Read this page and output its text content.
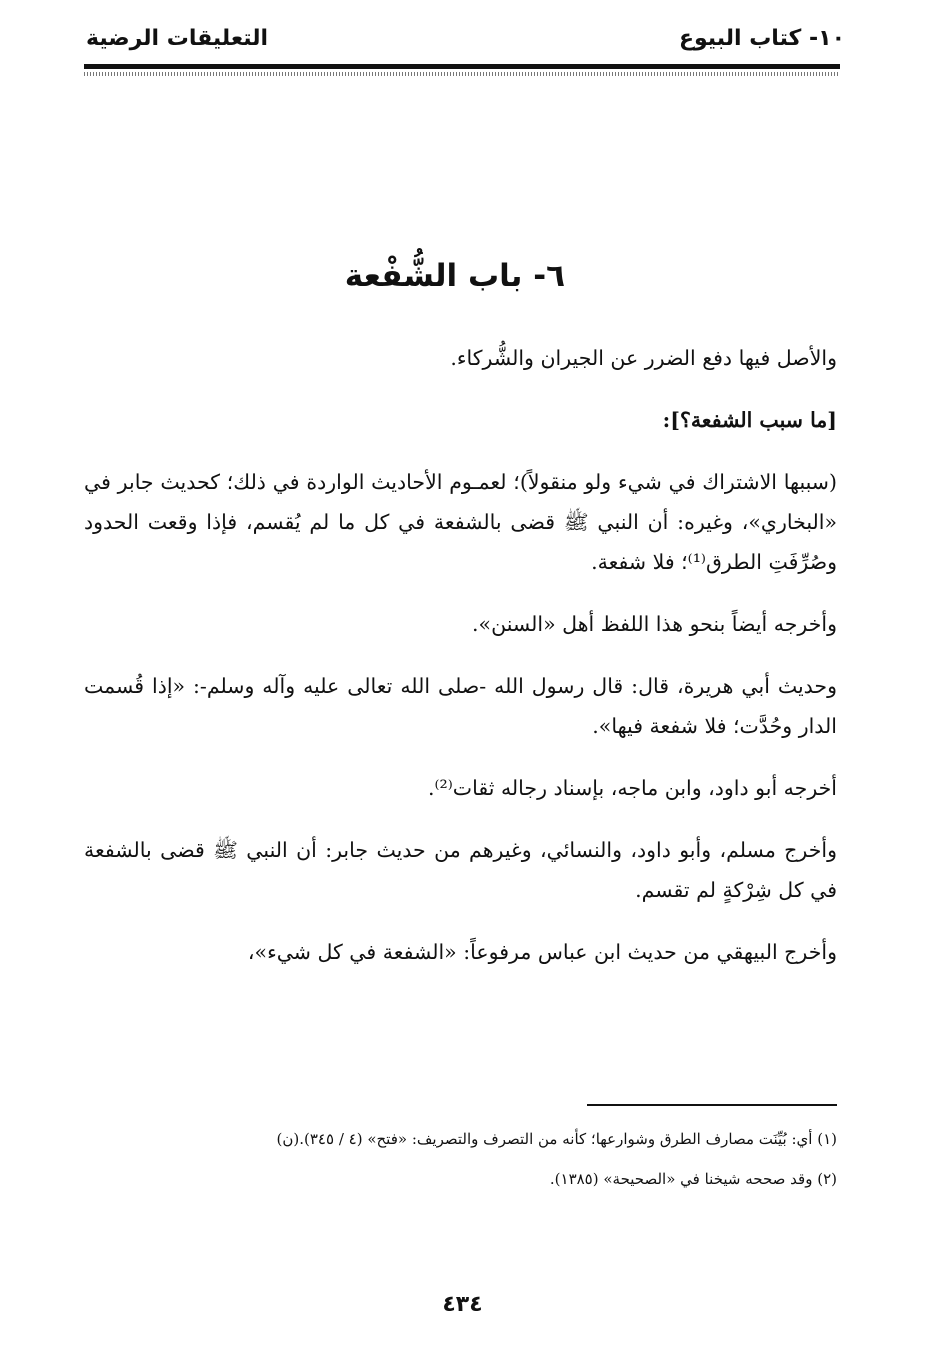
١٠- كتاب البيوع
التعليقات الرضية
٦- باب الشُّفْعة

والأصل فيها دفع الضرر عن الجيران والشُّركاء.

[ما سبب الشفعة؟]:

(سببها الاشتراك في شيء ولو منقولاً)؛ لعمـوم الأحاديث الواردة في ذلك؛ كحديث جابر في «البخاري»، وغيره: أن النبي ﷺ قضى بالشفعة في كل ما لم يُقسم، فإذا وقعت الحدود وصُرِّفَتِ الطرق⁽¹⁾؛ فلا شفعة.

وأخرجه أيضاً بنحو هذا اللفظ أهل «السنن».

وحديث أبي هريرة، قال: قال رسول الله -صلى الله تعالى عليه وآله وسلم-: «إذا قُسمت الدار وحُدَّت؛ فلا شفعة فيها».

أخرجه أبو داود، وابن ماجه، بإسناد رجاله ثقات⁽²⁾.

وأخرج مسلم، وأبو داود، والنسائي، وغيرهم من حديث جابر: أن النبي ﷺ قضى بالشفعة في كل شِرْكةٍ لم تقسم.

وأخرج البيهقي من حديث ابن عباس مرفوعاً: «الشفعة في كل شيء»،

(١) أي: بُيِّنَت مصارف الطرق وشوارعها؛ كأنه من التصرف والتصريف: «فتح» (٤ / ٣٤٥).(ن)

(٢) وقد صححه شيخنا في «الصحيحة» (١٣٨٥).

٤٣٤
